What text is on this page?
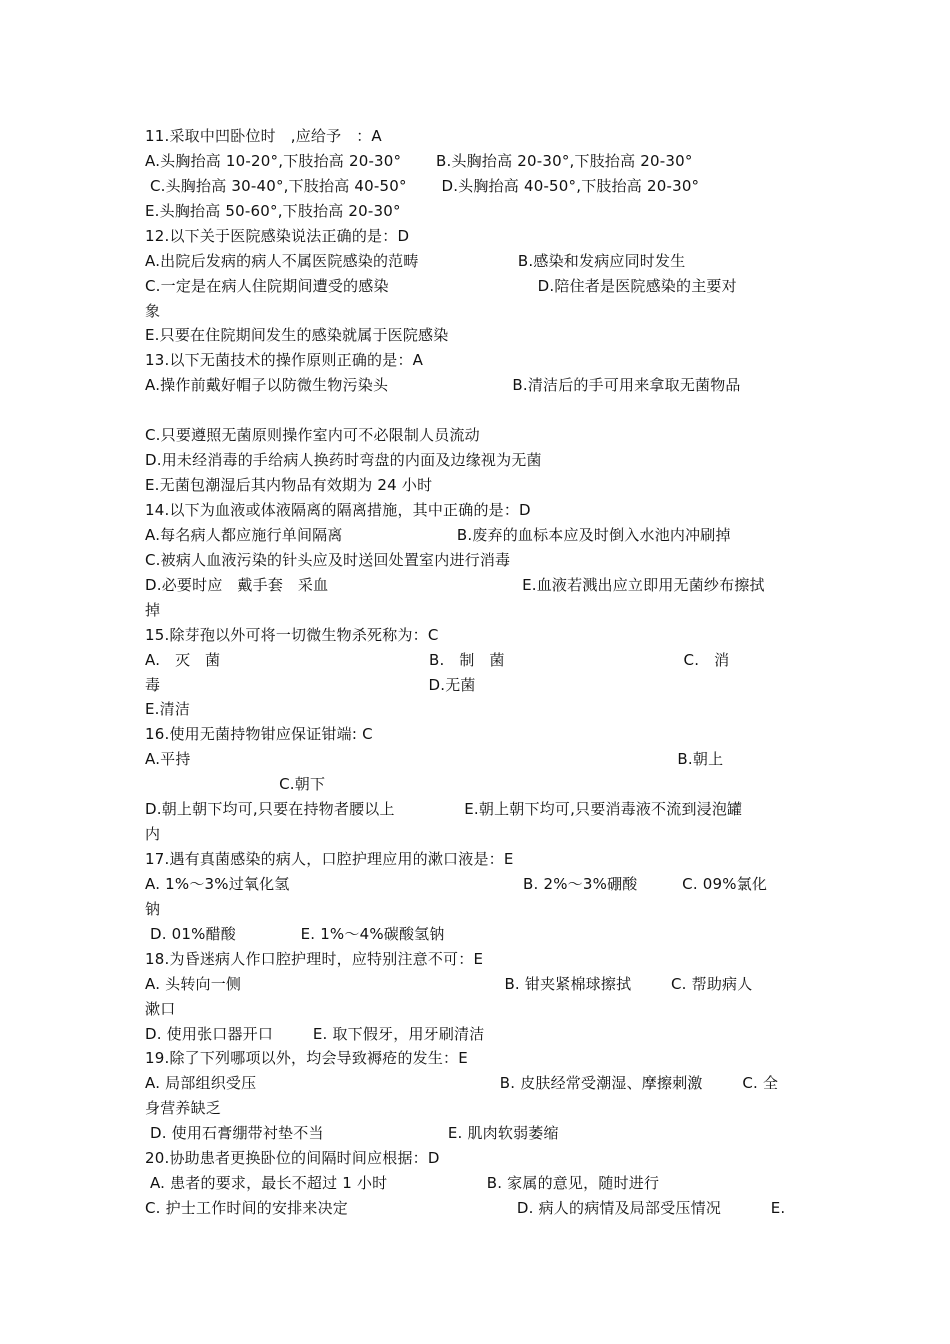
11.采取中凹卧位时   ,应给予   ：A
A.头胸抬高 10-20°,下肢抬高 20-30°       B.头胸抬高 20-30°,下肢抬高 20-30°
C.头胸抬高 30-40°,下肢抬高 40-50°       D.头胸抬高 40-50°,下肢抬高 20-30°
E.头胸抬高 50-60°,下肢抬高 20-30°
12.以下关于医院感染说法正确的是：D
A.出院后发病的病人不属医院感染的范畴                    B.感染和发病应同时发生
C.一定是在病人住院期间遭受的感染                              D.陪住者是医院感染的主要对
象
E.只要在住院期间发生的感染就属于医院感染
13.以下无菌技术的操作原则正确的是：A
A.操作前戴好帽子以防微生物污染头                         B.清洁后的手可用来拿取无菌物品
C.只要遵照无菌原则操作室内可不必限制人员流动
D.用未经消毒的手给病人换药时弯盘的内面及边缘视为无菌
E.无菌包潮湿后其内物品有效期为 24 小时
14.以下为血液或体液隔离的隔离措施，其中正确的是：D
A.每名病人都应施行单间隔离                       B.废弃的血标本应及时倒入水池内冲刷掉
C.被病人血液污染的针头应及时送回处置室内进行消毒
D.必要时应   戴手套   采血                                       E.血液若溅出应立即用无菌纱布擦拭
掉
15.除芽孢以外可将一切微生物杀死称为：C
A.   灭   菌                                          B.   制   菌                                    C.   消
毒                                                      D.无菌
E.清洁
16.使用无菌持物钳应保证钳端: C
A.平持                                                                                                  B.朝上
C.朝下
D.朝上朝下均可,只要在持物者腰以上              E.朝上朝下均可,只要消毒液不流到浸泡罐
内
17.遇有真菌感染的病人，口腔护理应用的漱口液是：E
A. 1%～3%过氧化氢                                               B. 2%～3%硼酸         C. 09%氯化
钠
D. 01%醋酸             E. 1%～4%碳酸氢钠
18.为昏迷病人作口腔护理时，应特别注意不可：E
A. 头转向一侧                                                     B. 钳夹紧棉球擦拭        C. 帮助病人
漱口
D. 使用张口器开口        E. 取下假牙，用牙刷清洁
19.除了下列哪项以外，均会导致褥疮的发生：E
A. 局部组织受压                                                 B. 皮肤经常受潮湿、摩擦刺激        C. 全
身营养缺乏
D. 使用石膏绷带衬垫不当                         E. 肌肉软弱萎缩
20.协助患者更换卧位的间隔时间应根据：D
A. 患者的要求，最长不超过 1 小时                    B. 家属的意见，随时进行
C. 护士工作时间的安排来决定                                  D. 病人的病情及局部受压情况          E.
